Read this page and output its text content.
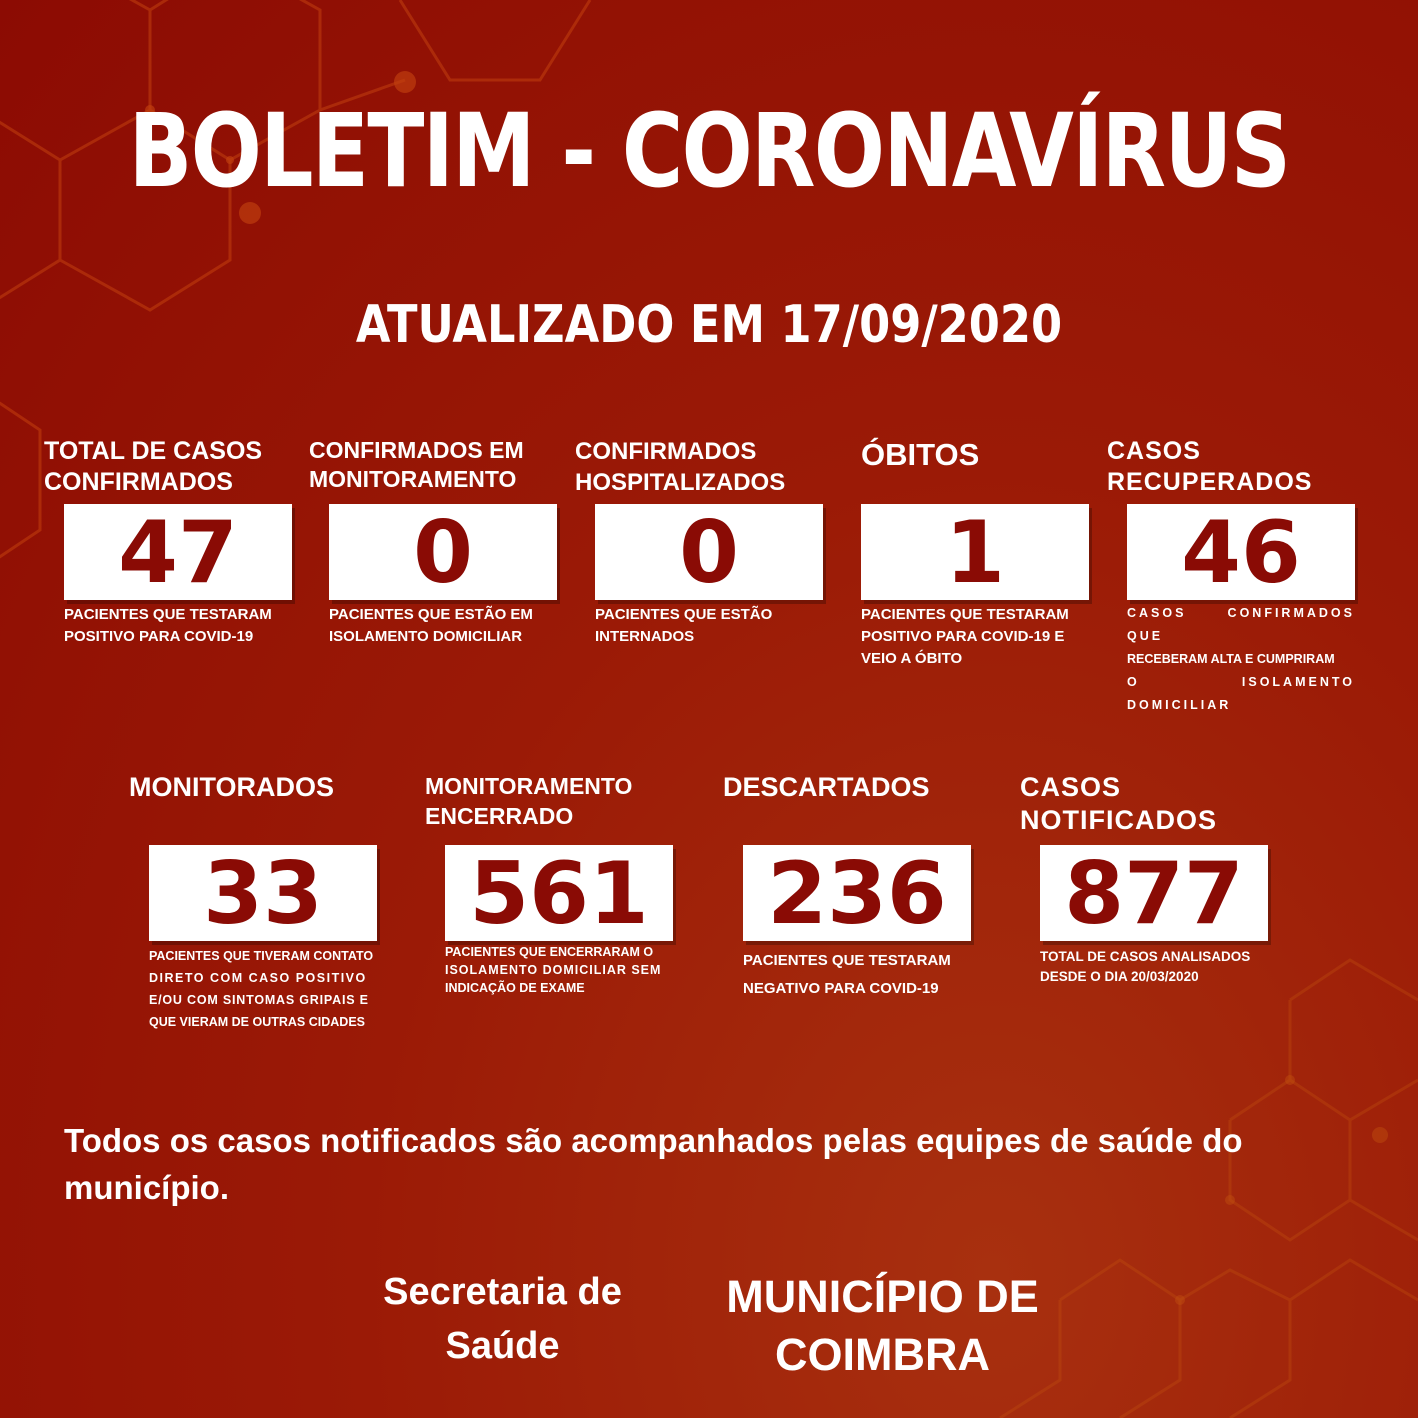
BOLETIM - CORONAVÍRUS
ATUALIZADO EM 17/09/2020
TOTAL DE CASOS
CONFIRMADOS
47
PACIENTES QUE TESTARAM
POSITIVO PARA COVID-19
CONFIRMADOS EM
MONITORAMENTO
0
PACIENTES QUE ESTÃO EM
ISOLAMENTO DOMICILIAR
CONFIRMADOS
HOSPITALIZADOS
0
PACIENTES QUE ESTÃO
INTERNADOS
ÓBITOS
1
PACIENTES QUE TESTARAM
POSITIVO PARA COVID-19 E
VEIO A ÓBITO
CASOS
RECUPERADOS
46
CASOS CONFIRMADOS QUE
RECEBERAM ALTA E CUMPRIRAM
O ISOLAMENTO DOMICILIAR
MONITORADOS
33
PACIENTES QUE TIVERAM CONTATO
DIRETO COM CASO POSITIVO
E/OU COM SINTOMAS GRIPAIS E
QUE VIERAM DE OUTRAS CIDADES
MONITORAMENTO
ENCERRADO
561
PACIENTES QUE ENCERRARAM O
ISOLAMENTO DOMICILIAR SEM
INDICAÇÃO DE EXAME
DESCARTADOS
236
PACIENTES QUE TESTARAM
NEGATIVO PARA COVID-19
CASOS
NOTIFICADOS
877
TOTAL DE CASOS ANALISADOS
DESDE O DIA 20/03/2020
Todos os casos notificados são acompanhados pelas equipes de saúde do município.
Secretaria de
Saúde
MUNICÍPIO DE
COIMBRA
